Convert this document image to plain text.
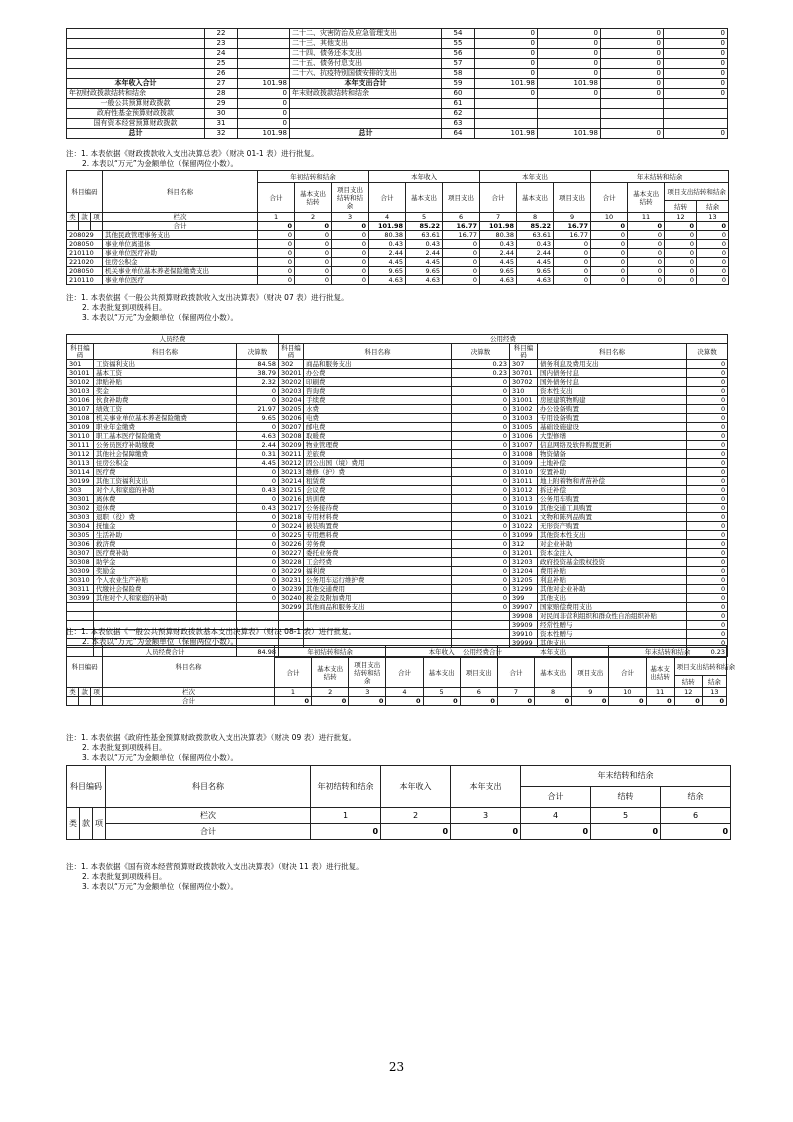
	22		二十二、灾害防治及应急管理支出	54	0	0	0	0
	23		二十三、其他支出	55	0	0	0	0
	24		二十四、债务还本支出	56	0	0	0	0
	25		二十五、债务付息支出	57	0	0	0	0
	26		二十六、抗疫特别国债安排的支出	58	0	0	0	0
本年收入合计	27	101.98	本年支出合计	59	101.98	101.98	0	0
年初财政拨款结转和结余	28	0	年末财政拨款结转和结余	60	0	0	0	0
一般公共预算财政拨款	29	0		61				
政府性基金预算财政拨款	30	0		62				
国有资本经营预算财政拨款	31	0		63				
总计	32	101.98	总计	64	101.98	101.98	0	0
注：1. 本表依据《财政拨款收入支出决算总表》（财决 01-1 表）进行批复。
2. 本表以“万元”为金额单位（保留两位小数）。
科目编码			科目名称	年初结转和结余			本年收入			本年支出			年末结转和结余			
				合计	基本支出结转	项目支出结转和结余	合计	基本支出	项目支出	合计	基本支出	项目支出	合计	基本支出结转	项目支出结转和结余	
															结转	结余
类	款	项	栏次	1	2	3	4	5	6	7	8	9	10	11	12	13
			合计	0	0	0	101.98	85.22	16.77	101.98	85.22	16.77	0	0	0	0
208029			其他民政管理事务支出	0	0	0	80.38	63.61	16.77	80.38	63.61	16.77	0	0	0	0
208050			事业单位离退休	0	0	0	0.43	0.43	0	0.43	0.43	0	0	0	0	0
210110			事业单位医疗补助	0	0	0	2.44	2.44	0	2.44	2.44	0	0	0	0	0
221020			住房公积金	0	0	0	4.45	4.45	0	4.45	4.45	0	0	0	0	0
208050			机关事业单位基本养老保险缴费支出	0	0	0	9.65	9.65	0	9.65	9.65	0	0	0	0	0
210110			事业单位医疗	0	0	0	4.63	4.63	0	4.63	4.63	0	0	0	0	0
注：1. 本表依据《一般公共预算财政拨款收入支出决算表》（财决 07 表）进行批复。
2. 本表批复到项级科目。
3. 本表以“万元”为金额单位（保留两位小数）。
人员经费			公用经费					
科目编码	科目名称	决算数	科目编码	科目名称	决算数	科目编码	科目名称	决算数
301	工资福利支出	84.58	302	商品和服务支出	0.23	307	债务利息及费用支出	0
30101	基本工资	38.79	30201	办公费	0.23	30701	国内债务付息	0
30102	津贴补贴	2.32	30202	印刷费	0	30702	国外债务付息	0
30103	奖金	0	30203	咨询费	0	310	资本性支出	0
30106	伙食补助费	0	30204	手续费	0	31001	房屋建筑物购建	0
30107	绩效工资	21.97	30205	水费	0	31002	办公设备购置	0
30108	机关事业单位基本养老保险缴费	9.65	30206	电费	0	31003	专用设备购置	0
30109	职业年金缴费	0	30207	邮电费	0	31005	基础设施建设	0
30110	职工基本医疗保险缴费	4.63	30208	取暖费	0	31006	大型修缮	0
30111	公务员医疗补助缴费	2.44	30209	物业管理费	0	31007	信息网络及软件购置更新	0
30112	其他社会保障缴费	0.31	30211	差旅费	0	31008	物资储备	0
30113	住房公积金	4.45	30212	因公出国（境）费用	0	31009	土地补偿	0
30114	医疗费	0	30213	维修（护）费	0	31010	安置补助	0
30199	其他工资福利支出	0	30214	租赁费	0	31011	地上附着物和青苗补偿	0
303	对个人和家庭的补助	0.43	30215	会议费	0	31012	拆迁补偿	0
30301	离休费	0	30216	培训费	0	31013	公务用车购置	0
30302	退休费	0.43	30217	公务接待费	0	31019	其他交通工具购置	0
30303	退职（役）费	0	30218	专用材料费	0	31021	文物和陈列品购置	0
30304	抚恤金	0	30224	被装购置费	0	31022	无形资产购置	0
30305	生活补助	0	30225	专用燃料费	0	31099	其他资本性支出	0
30306	救济费	0	30226	劳务费	0	312	对企业补助	0
30307	医疗费补助	0	30227	委托业务费	0	31201	资本金注入	0
30308	助学金	0	30228	工会经费	0	31203	政府投资基金股权投资	0
30309	奖励金	0	30229	福利费	0	31204	费用补贴	0
30310	个人农业生产补贴	0	30231	公务用车运行维护费	0	31205	利息补贴	0
30311	代缴社会保险费	0	30239	其他交通费用	0	31299	其他对企业补助	0
30399	其他对个人和家庭的补助	0	30240	税金及附加费用	0	399	其他支出	0
			30299	其他商品和服务支出	0	39907	国家赔偿费用支出	0
						39908	对民间非营利组织和群众性自治组织补贴	0
						39909	经常性赠与	0
						39910	资本性赠与	0
						39999	其他支出	0
	人员经费合计	84.98	公用经费合计					0.23
注：1. 本表依据《一般公共预算财政拨款基本支出决算表》（财决 08-1 表）进行批复。
2. 本表以“万元”为金额单位（保留两位小数）。
科目编码			科目名称	年初结转和结余			本年收入			本年支出			年末结转和结余			
				合计	基本支出结转	项目支出结转和结余	合计	基本支出	项目支出	合计	基本支出	项目支出	合计	基本支出结转	项目支出结转和结余	
															结转	结余
类	款	项	栏次	1	2	3	4	5	6	7	8	9	10	11	12	13
			合计	0	0	0	0	0	0	0	0	0	0	0	0	0
注：1. 本表依据《政府性基金预算财政拨款收入支出决算表》（财决 09 表）进行批复。
2. 本表批复到项级科目。
3. 本表以“万元”为金额单位（保留两位小数）。
科目编码			科目名称	年初结转和结余	本年收入	本年支出	年末结转和结余		
							合计	结转	结余
类	款	项	栏次	1	2	3	4	5	6
			合计	0	0	0	0	0	0
注：1. 本表依据《国有资本经营预算财政拨款收入支出决算表》（财决 11 表）进行批复。
2. 本表批复到项级科目。
3. 本表以“万元”为金额单位（保留两位小数）。
23
